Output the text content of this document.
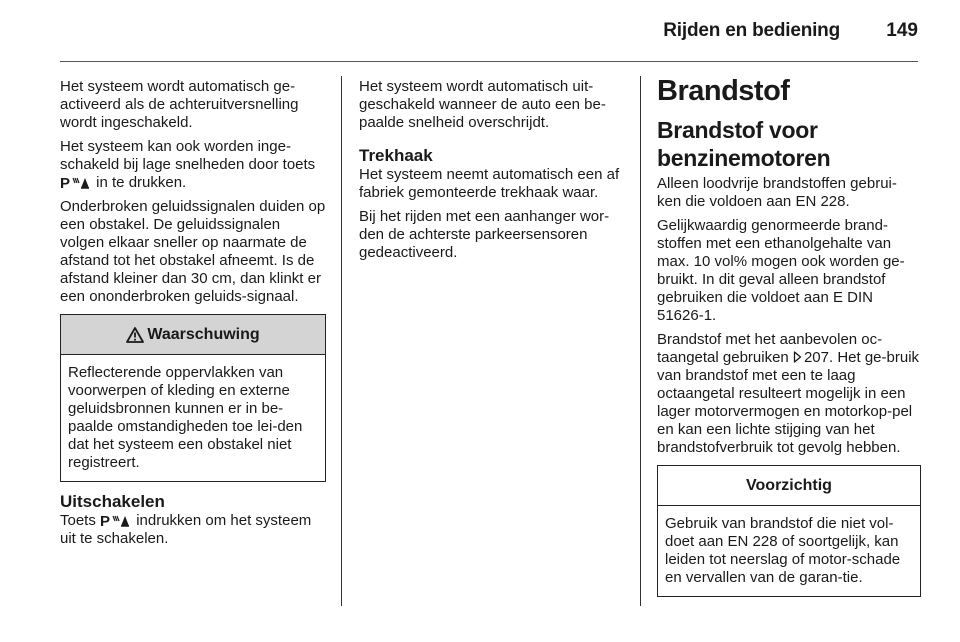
Rijden en bediening 149

Het systeem wordt automatisch ge-activeerd als de achteruitversnelling wordt ingeschakeld.

Het systeem kan ook worden inge-schakeld bij lage snelheden door toets
P in te drukken.

Onderbroken geluidssignalen duiden op een obstakel. De geluidssignalen volgen elkaar sneller op naarmate de afstand tot het obstakel afneemt. Is de afstand kleiner dan 30 cm, dan klinkt er een ononderbroken geluids-signaal.

Waarschuwing

Reflecterende oppervlakken van voorwerpen of kleding en externe geluidsbronnen kunnen er in be-paalde omstandigheden toe lei-den dat het systeem een obstakel niet registreert.

Uitschakelen

Toets P indrukken om het systeem uit te schakelen.

Het systeem wordt automatisch uit-geschakeld wanneer de auto een be-paalde snelheid overschrijdt.

Trekhaak

Het systeem neemt automatisch een af fabriek gemonteerde trekhaak waar.

Bij het rijden met een aanhanger wor-den de achterste parkeersensoren gedeactiveerd.

Brandstof
Brandstof voor benzinemotoren

Alleen loodvrije brandstoffen gebrui-ken die voldoen aan EN 228.

Gelijkwaardig genormeerde brand-stoffen met een ethanolgehalte van max. 10 vol% mogen ook worden ge-bruikt. In dit geval alleen brandstof gebruiken die voldoet aan E DIN 51626-1.

Brandstof met het aanbevolen oc-taangetal gebruiken 207. Het ge-bruik van brandstof met een te laag octaangetal resulteert mogelijk in een lager motorvermogen en motorkop-pel en kan een lichte stijging van het brandstofverbruik tot gevolg hebben.

Voorzichtig

Gebruik van brandstof die niet vol-doet aan EN 228 of soortgelijk, kan leiden tot neerslag of motor-schade en vervallen van de garan-tie.
